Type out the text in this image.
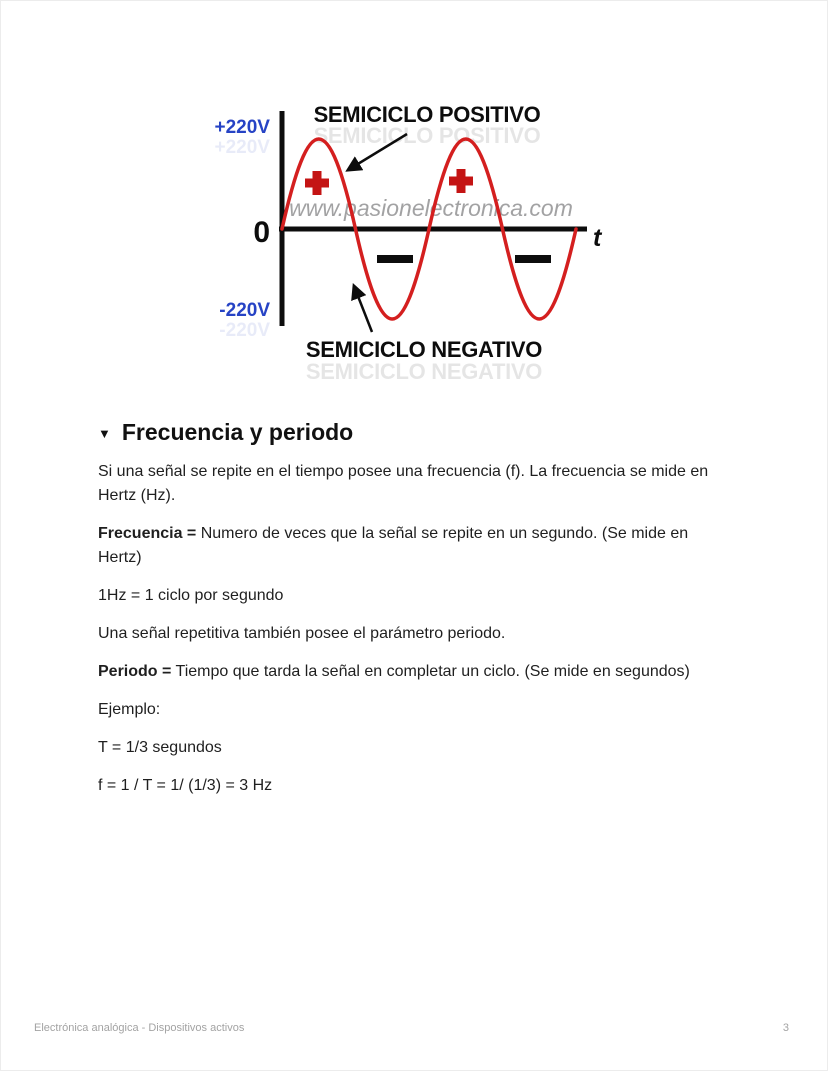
SEMICICLO POSITIVO
SEMICICLO NEGATIVO
+220V
-220V
www.pasionelectronica.com
+220V
0
-220V
t
SEMICICLO POSITIVO
SEMICICLO NEGATIVO
▼ Frecuencia y periodo

Si una señal se repite en el tiempo posee una frecuencia (f). La frecuencia se mide en Hertz (Hz).

Frecuencia = Numero de veces que la señal se repite en un segundo. (Se mide en Hertz)

1Hz = 1 ciclo por segundo

Una señal repetitiva también posee el parámetro periodo.

Periodo = Tiempo que tarda la señal en completar un ciclo. (Se mide en segundos)

Ejemplo:

T = 1/3 segundos

f = 1 / T = 1/ (1/3) = 3 Hz

Electrónica analógica - Dispositivos activos	3
